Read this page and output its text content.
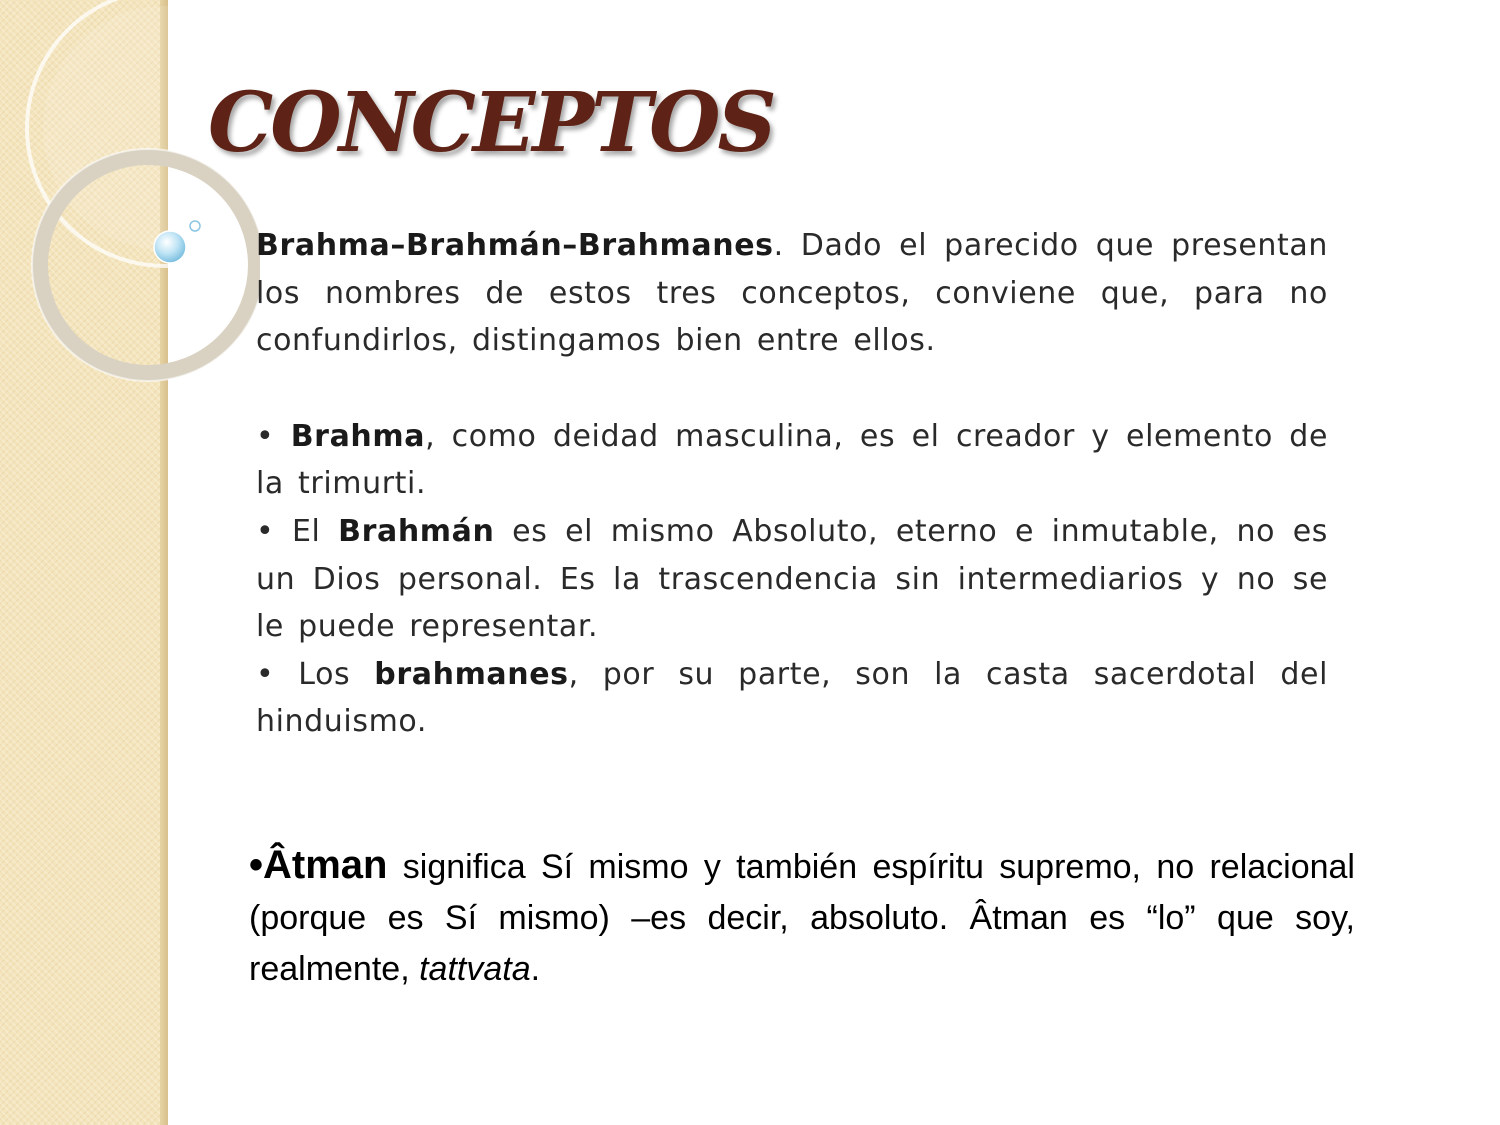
CONCEPTOS

Brahma–Brahmán–Brahmanes. Dado el parecido que presentan los nombres de estos tres conceptos, conviene que, para no confundirlos, distingamos bien entre ellos.

• Brahma, como deidad masculina, es el creador y elemento de la trimurti.

• El Brahmán es el mismo Absoluto, eterno e inmutable, no es un Dios personal. Es la trascendencia sin intermediarios y no se le puede representar.

• Los brahmanes, por su parte, son la casta sacerdotal del hinduismo.

•Âtman significa Sí mismo y también espíritu supremo, no relacional (porque es Sí mismo) –es decir, absoluto. Âtman es “lo” que soy, realmente, tattvata.
